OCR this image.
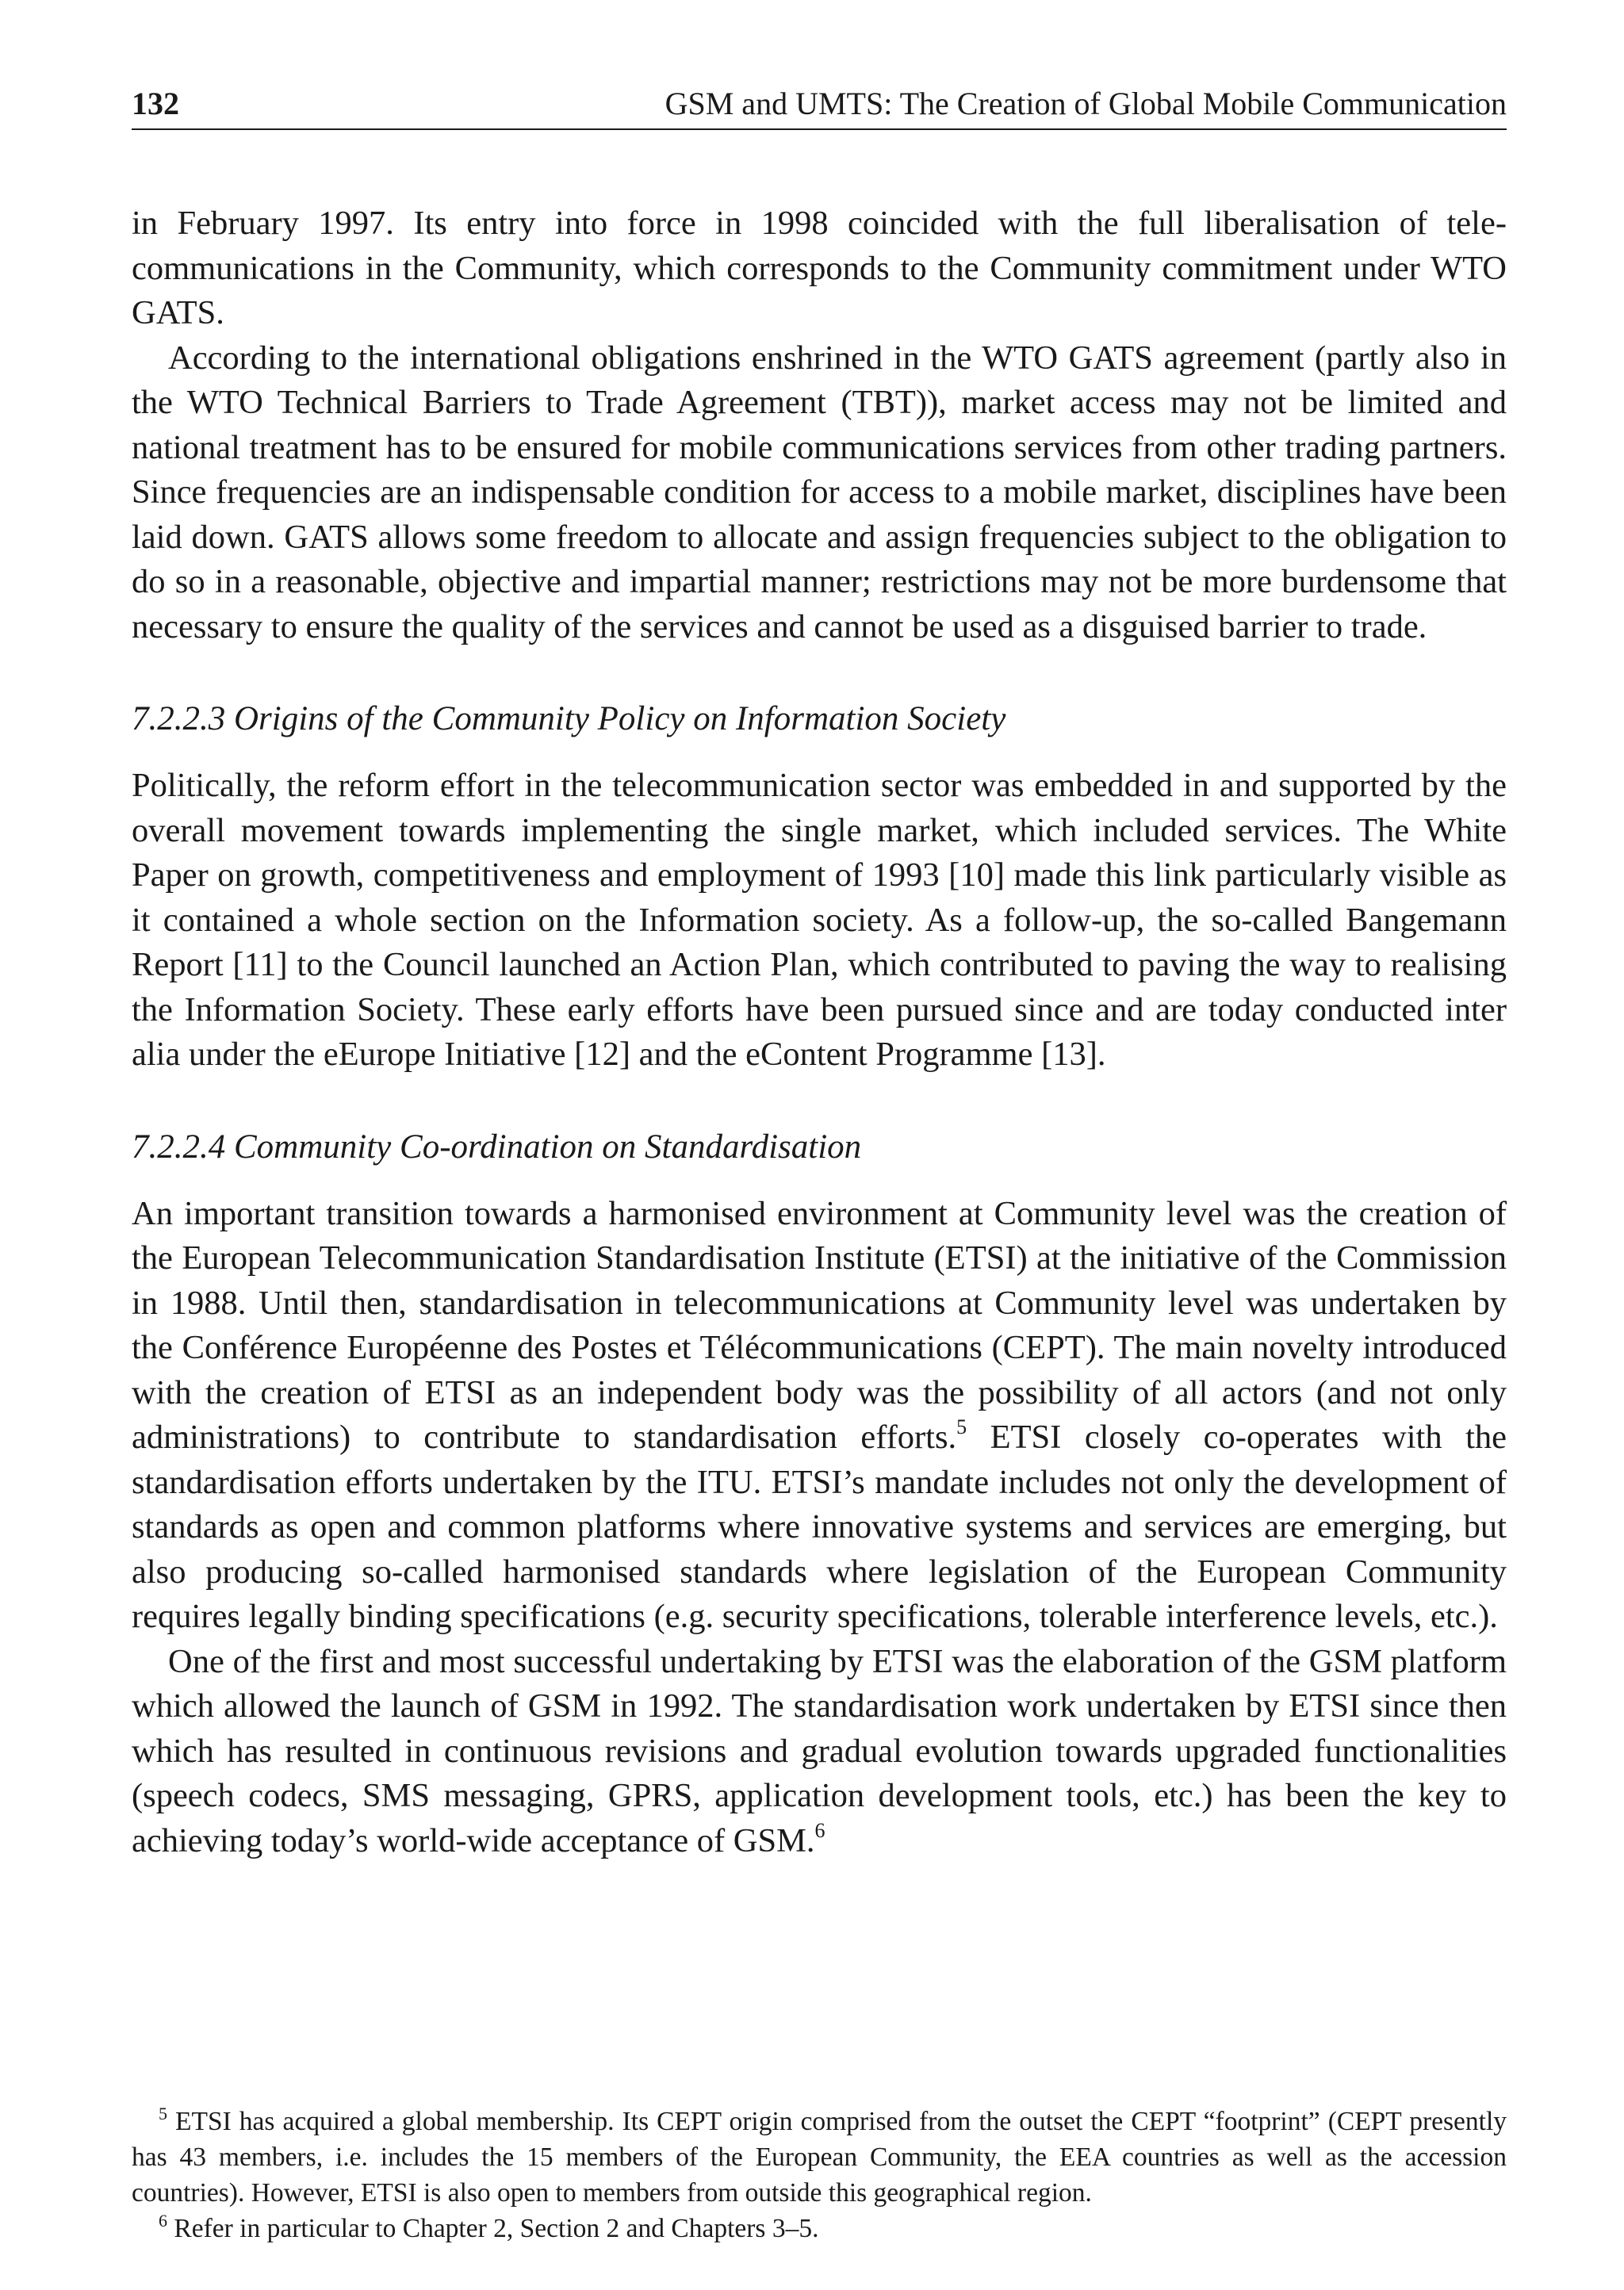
132	GSM and UMTS: The Creation of Global Mobile Communication

in February 1997. Its entry into force in 1998 coincided with the full liberalisation of telecommunications in the Community, which corresponds to the Community commitment under WTO GATS.

According to the international obligations enshrined in the WTO GATS agreement (partly also in the WTO Technical Barriers to Trade Agreement (TBT)), market access may not be limited and national treatment has to be ensured for mobile communications services from other trading partners. Since frequencies are an indispensable condition for access to a mobile market, disciplines have been laid down. GATS allows some freedom to allocate and assign frequencies subject to the obligation to do so in a reasonable, objective and impartial manner; restrictions may not be more burdensome that necessary to ensure the quality of the services and cannot be used as a disguised barrier to trade.

7.2.2.3 Origins of the Community Policy on Information Society

Politically, the reform effort in the telecommunication sector was embedded in and supported by the overall movement towards implementing the single market, which included services. The White Paper on growth, competitiveness and employment of 1993 [10] made this link particularly visible as it contained a whole section on the Information society. As a follow-up, the so-called Bangemann Report [11] to the Council launched an Action Plan, which contributed to paving the way to realising the Information Society. These early efforts have been pursued since and are today conducted inter alia under the eEurope Initiative [12] and the eContent Programme [13].

7.2.2.4 Community Co-ordination on Standardisation

An important transition towards a harmonised environment at Community level was the creation of the European Telecommunication Standardisation Institute (ETSI) at the initiative of the Commission in 1988. Until then, standardisation in telecommunications at Community level was undertaken by the Conférence Européenne des Postes et Télécommunications (CEPT). The main novelty introduced with the creation of ETSI as an independent body was the possibility of all actors (and not only administrations) to contribute to standardisation efforts.$^5$ ETSI closely co-operates with the standardisation efforts undertaken by the ITU. ETSI’s mandate includes not only the development of standards as open and common platforms where innovative systems and services are emerging, but also producing so-called harmonised standards where legislation of the European Community requires legally binding specifications (e.g. security specifications, tolerable interference levels, etc.).

One of the first and most successful undertaking by ETSI was the elaboration of the GSM platform which allowed the launch of GSM in 1992. The standardisation work undertaken by ETSI since then which has resulted in continuous revisions and gradual evolution towards upgraded functionalities (speech codecs, SMS messaging, GPRS, application development tools, etc.) has been the key to achieving today’s world-wide acceptance of GSM.$^6$

$^5$ ETSI has acquired a global membership. Its CEPT origin comprised from the outset the CEPT “footprint” (CEPT presently has 43 members, i.e. includes the 15 members of the European Community, the EEA countries as well as the accession countries). However, ETSI is also open to members from outside this geographical region.

$^6$ Refer in particular to Chapter 2, Section 2 and Chapters 3–5.
